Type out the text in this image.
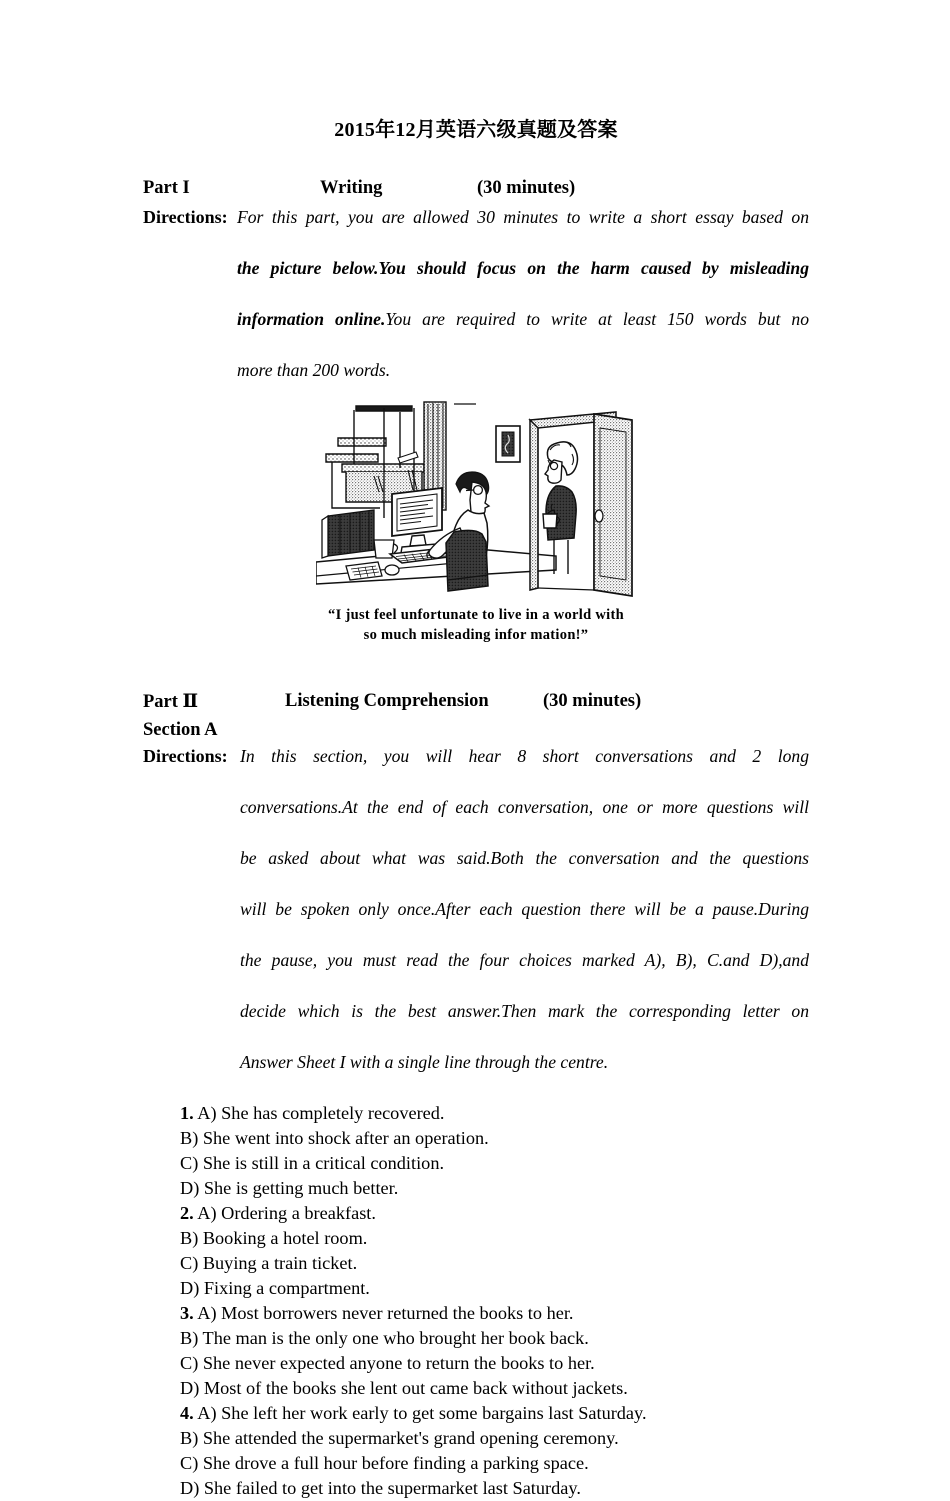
2015年12月英语六级真题及答案
Part I	Writing	(30 minutes)
Directions: For this part, you are allowed 30 minutes to write a short essay based on
the picture below.You should focus on the harm caused by misleading
information online.You are required to write at least 150 words but no
more than 200 words.
“I just feel unfortunate to live in a world with
so much misleading infor mation!”
Part Ⅱ	Listening Comprehension	(30 minutes)
Section A
Directions: In this section, you will hear 8 short conversations and 2 long
conversations.At the end of each conversation, one or more questions will
be asked about what was said.Both the conversation and the questions
will be spoken only once.After each question there will be a pause.During
the pause, you must read the four choices marked A), B), C.and D),and
decide which is the best answer.Then mark the corresponding letter on
Answer Sheet I with a single line through the centre.
1. A) She has completely recovered.
B) She went into shock after an operation.
C) She is still in a critical condition.
D) She is getting much better.
2. A) Ordering a breakfast.
B) Booking a hotel room.
C) Buying a train ticket.
D) Fixing a compartment.
3. A) Most borrowers never returned the books to her.
B) The man is the only one who brought her book back.
C) She never expected anyone to return the books to her.
D) Most of the books she lent out came back without jackets.
4. A) She left her work early to get some bargains last Saturday.
B) She attended the supermarket's grand opening ceremony.
C) She drove a full hour before finding a parking space.
D) She failed to get into the supermarket last Saturday.
